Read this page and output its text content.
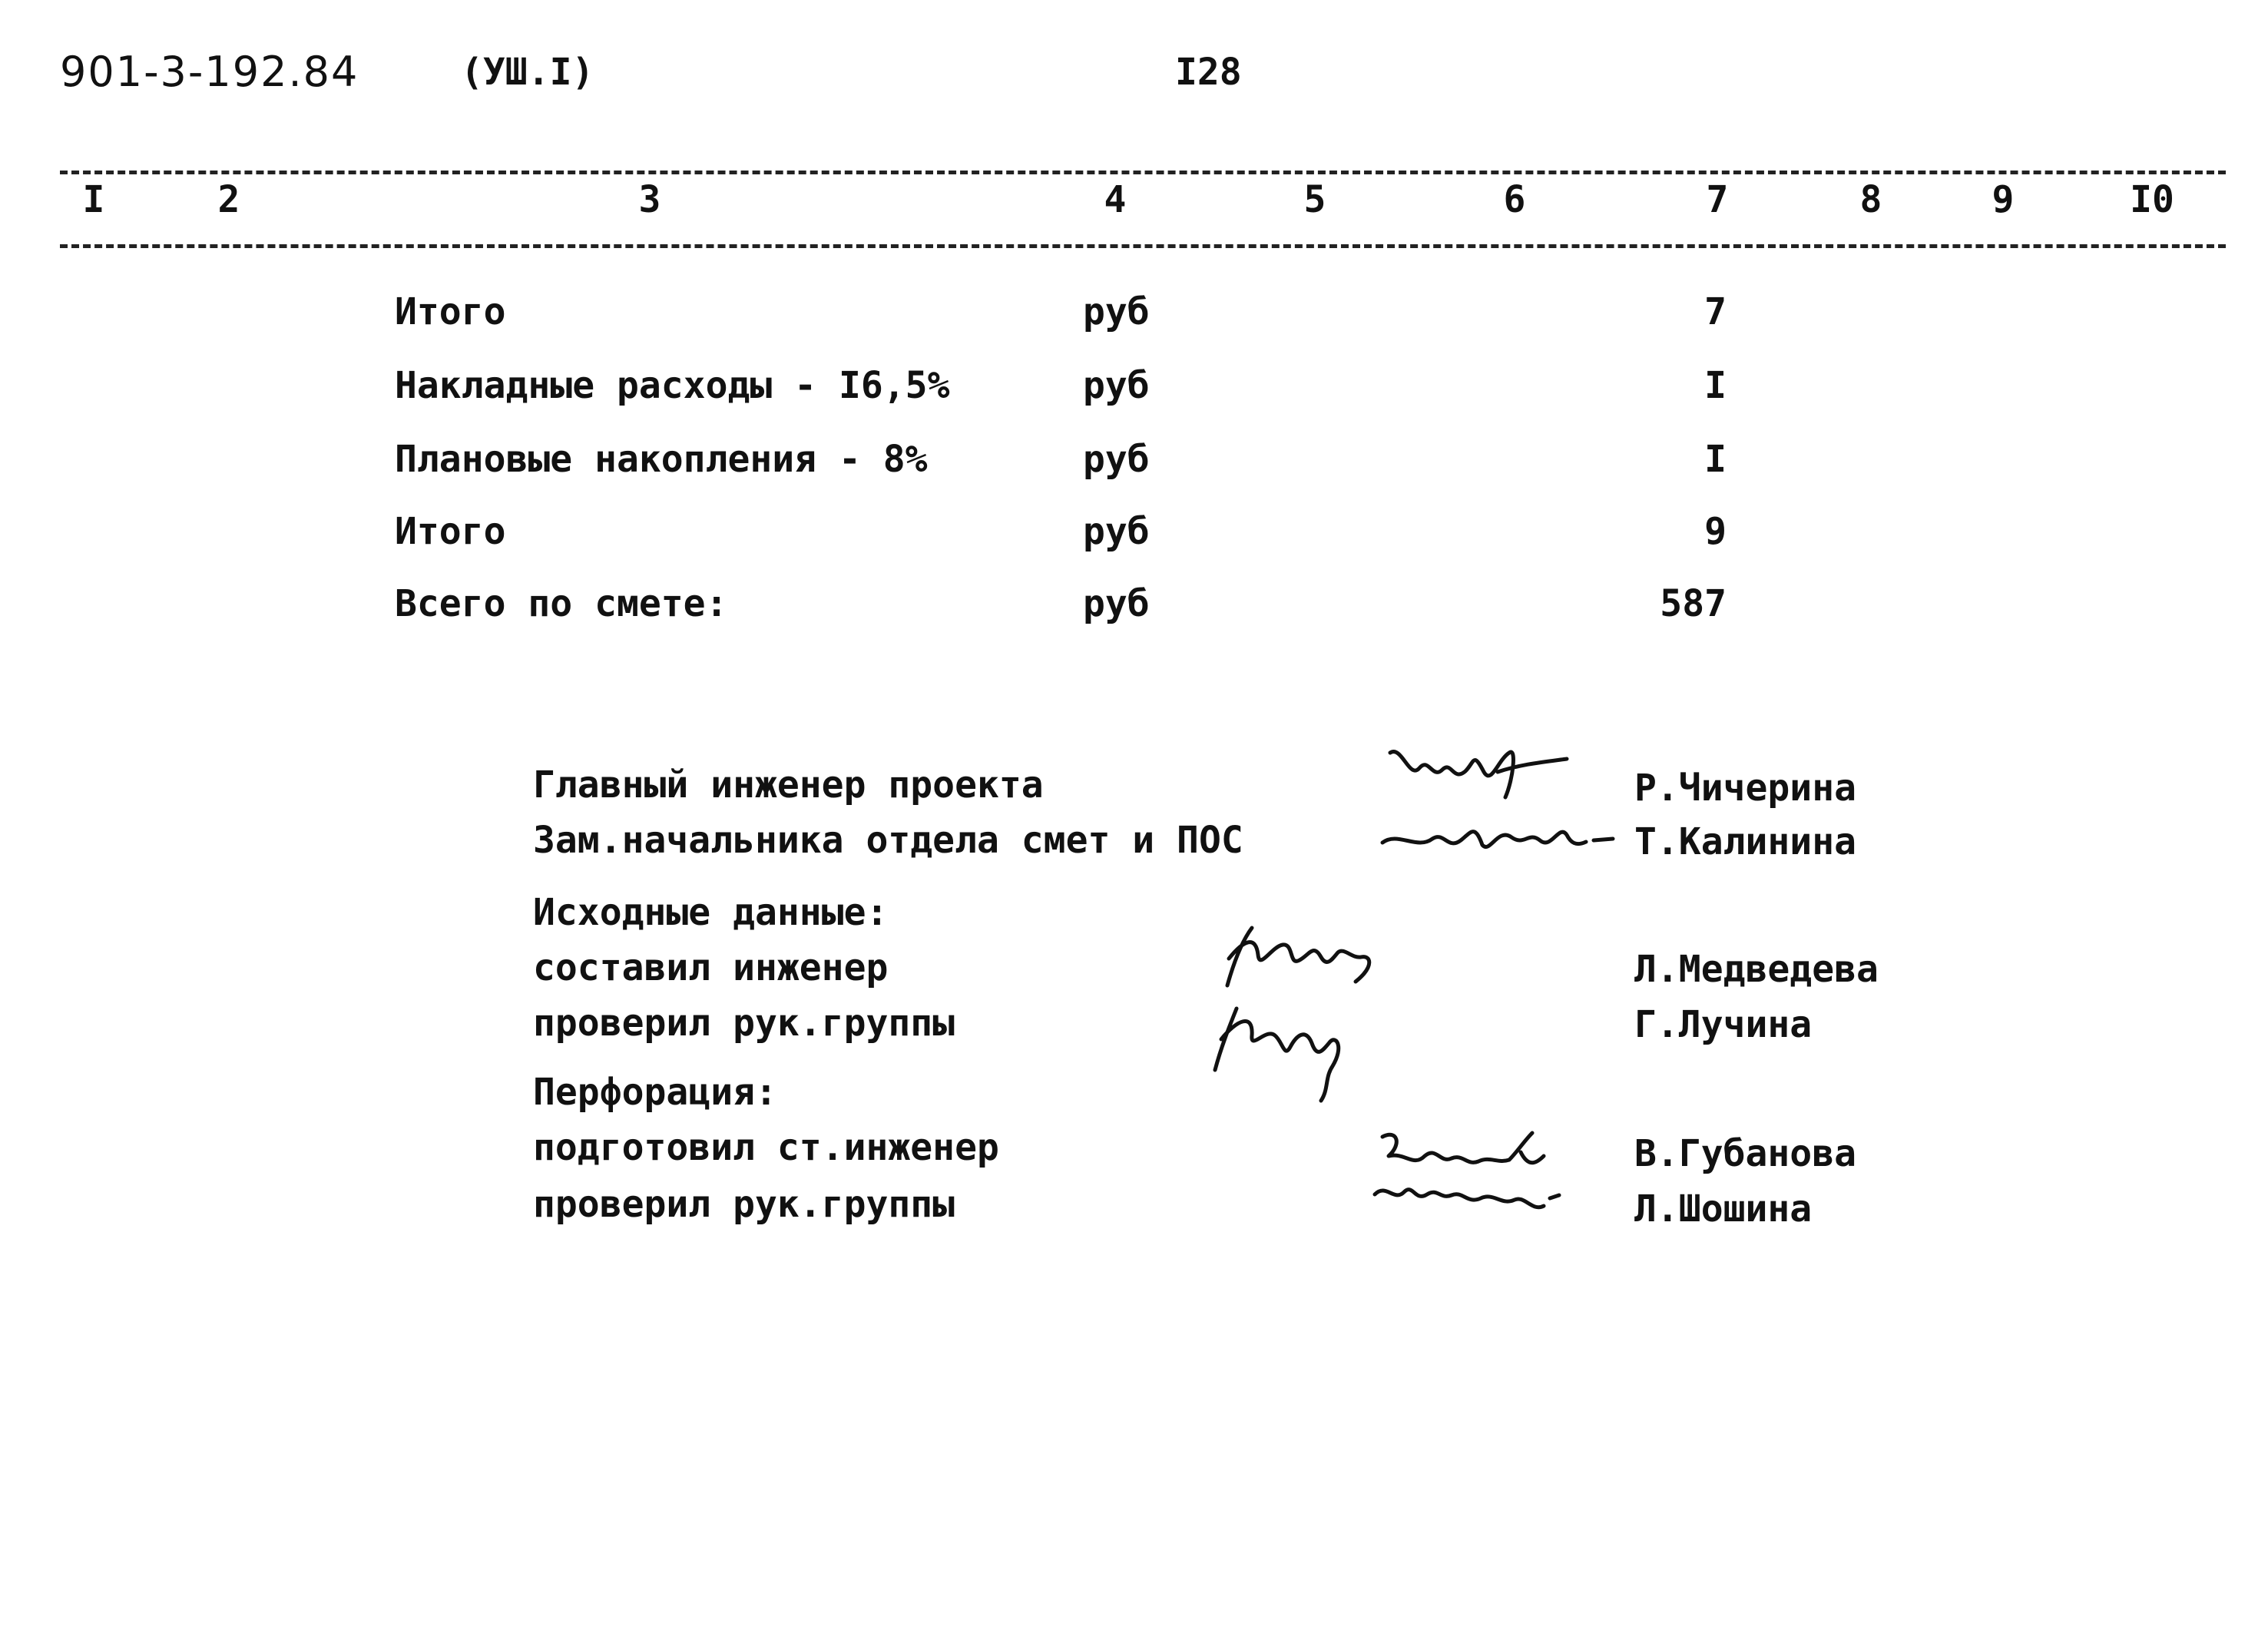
901-3-192.84	(УШ.I)	I28
I	2	3	4	5	6	7	8	9	I0
Итого	руб	7
Накладные расходы - I6,5%	руб	I
Плановые накопления - 8%	руб	I
Итого	руб	9
Всего по смете:	руб	587
Главный инженер проекта	Р.Чичерина
Зам.начальника отдела смет и ПОС	Т.Калинина
Исходные данные:
составил инженер	Л.Медведева
проверил рук.группы	Г.Лучина
Перфорация:
подготовил ст.инженер	В.Губанова
проверил рук.группы	Л.Шошина
